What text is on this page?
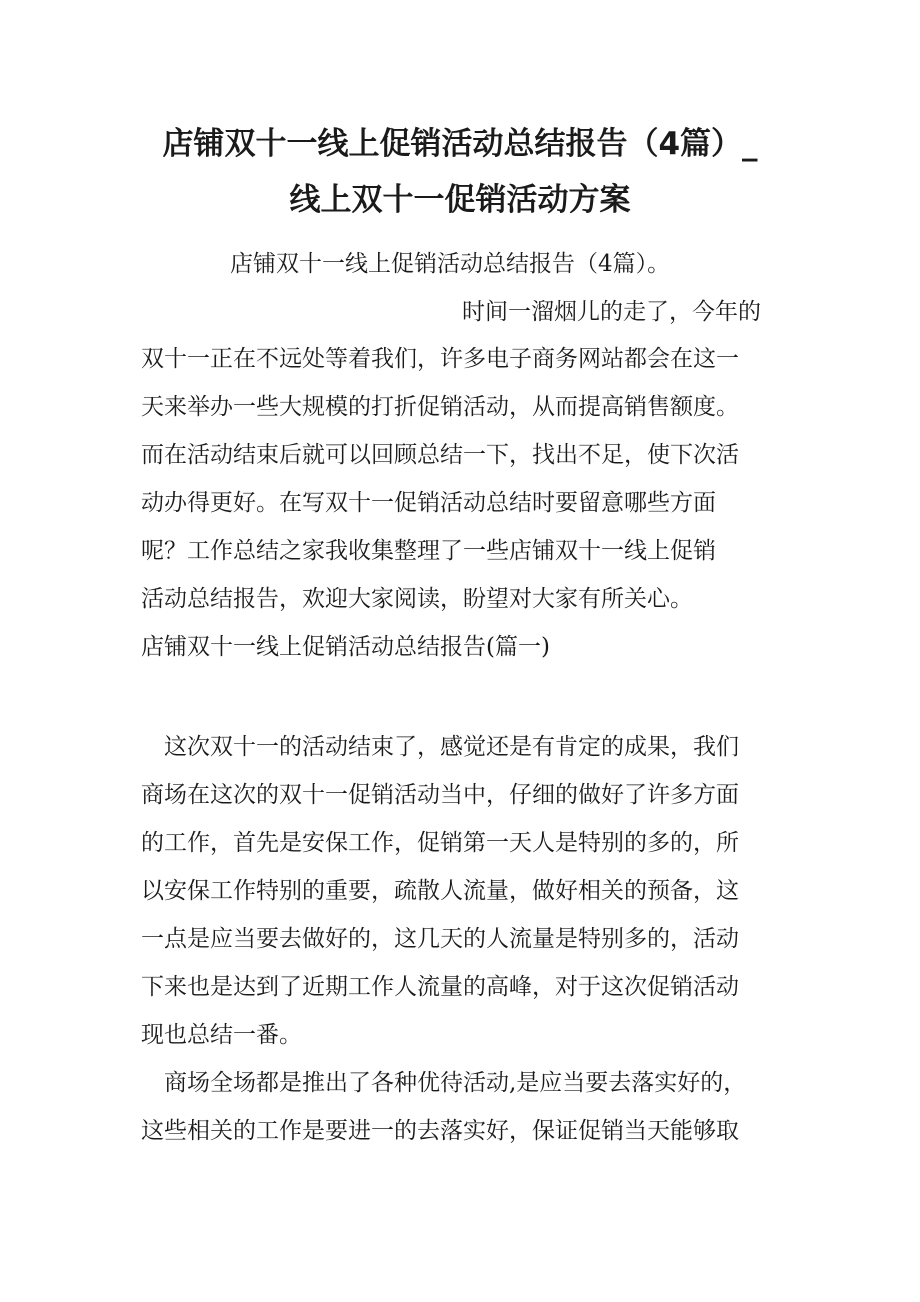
店铺双十一线上促销活动总结报告（4篇）_
线上双十一促销活动方案
店铺双十一线上促销活动总结报告（4篇）。
时间一溜烟儿的走了，今年的
双十一正在不远处等着我们，许多电子商务网站都会在这一
天来举办一些大规模的打折促销活动，从而提高销售额度。
而在活动结束后就可以回顾总结一下，找出不足，使下次活
动办得更好。在写双十一促销活动总结时要留意哪些方面
呢？工作总结之家我收集整理了一些店铺双十一线上促销
活动总结报告，欢迎大家阅读，盼望对大家有所关心。
店铺双十一线上促销活动总结报告(篇一)
这次双十一的活动结束了，感觉还是有肯定的成果，我们
商场在这次的双十一促销活动当中，仔细的做好了许多方面
的工作，首先是安保工作，促销第一天人是特别的多的，所
以安保工作特别的重要，疏散人流量，做好相关的预备，这
一点是应当要去做好的，这几天的人流量是特别多的，活动
下来也是达到了近期工作人流量的高峰，对于这次促销活动
现也总结一番。
商场全场都是推出了各种优待活动,是应当要去落实好的，
这些相关的工作是要进一的去落实好，保证促销当天能够取
